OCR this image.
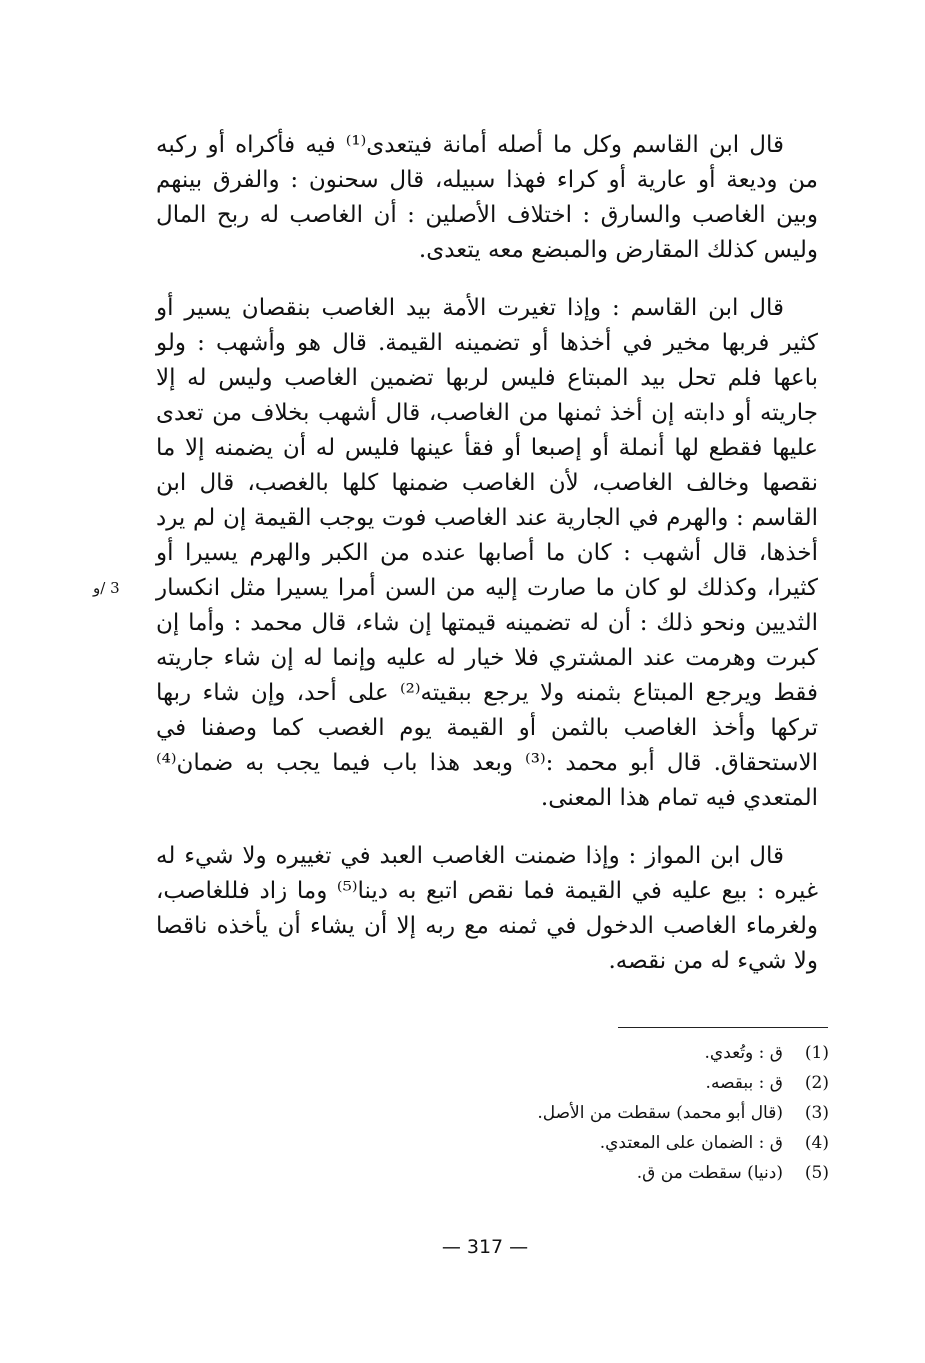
قال ابن القاسم وكل ما أصله أمانة فيتعدى⁽¹⁾ فيه فأكراه أو ركبه من وديعة أو عارية أو كراء فهذا سبيله، قال سحنون : والفرق بينهم وبين الغاصب والسارق : اختلاف الأصلين : أن الغاصب له ربح المال وليس كذلك المقارض والمبضع معه يتعدى.

قال ابن القاسم : وإذا تغيرت الأمة بيد الغاصب بنقصان يسير أو كثير فربها مخير في أخذها أو تضمينه القيمة. قال هو وأشهب : ولو باعها فلم تحل بيد المبتاع فليس لربها تضمين الغاصب وليس له إلا جاريته أو دابته إن أخذ ثمنها من الغاصب، قال أشهب بخلاف من تعدى عليها فقطع لها أنملة أو إصبعا أو فقأ عينها فليس له أن يضمنه إلا ما نقصها وخالف الغاصب، لأن الغاصب ضمنها كلها بالغصب، قال ابن القاسم : والهرم في الجارية عند الغاصب فوت يوجب القيمة إن لم يرد أخذها، قال أشهب : كان ما أصابها عنده من الكبر والهرم يسيرا أو كثيرا، وكذلك لو كان ما صارت إليه من السن أمرا يسيرا مثل انكسار الثديين ونحو ذلك : أن له تضمينه قيمتها إن شاء، قال محمد : وأما إن كبرت وهرمت عند المشتري فلا خيار له عليه وإنما له إن شاء جاريته فقط ويرجع المبتاع بثمنه ولا يرجع ببقيته⁽²⁾ على أحد، وإن شاء ربها تركها وأخذ الغاصب بالثمن أو القيمة يوم الغصب كما وصفنا في الاستحقاق. قال أبو محمد :⁽³⁾ وبعد هذا باب فيما يجب به ضمان⁽⁴⁾ المتعدي فيه تمام هذا المعنى.

قال ابن المواز : وإذا ضمنت الغاصب العبد في تغييره ولا شيء له غيره : بيع عليه في القيمة فما نقص اتبع به دينا⁽⁵⁾ وما زاد فللغاصب، ولغرماء الغاصب الدخول في ثمنه مع ربه إلا أن يشاء أن يأخذه ناقصا ولا شيء له من نقصه.

3 /و
(1)
ق : وتُعدي.
(2)
ق : ببقصه.
(3)
(قال أبو محمد) سقطت من الأصل.
(4)
ق : الضمان على المعتدي.
(5)
(دنيا) سقطت من ق.
— 317 —
